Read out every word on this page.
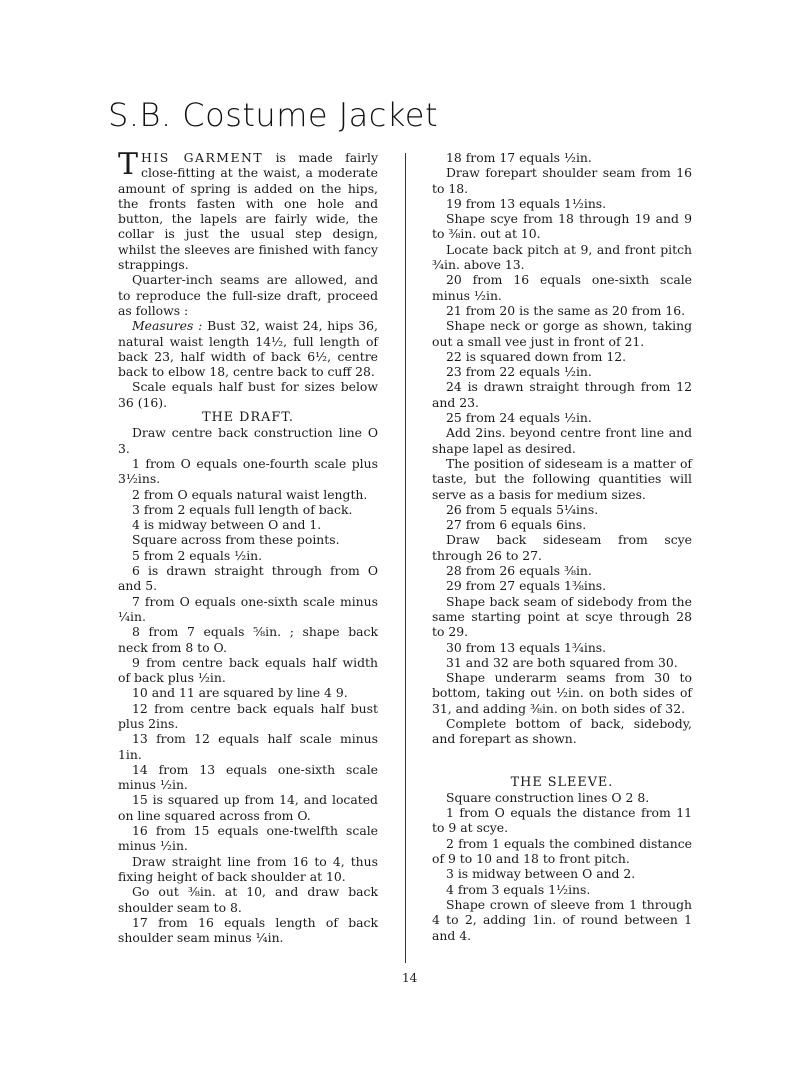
S.B. Costume Jacket

THIS GARMENT is made fairly close-fitting at the waist, a moderate amount of spring is added on the hips, the fronts fasten with one hole and button, the lapels are fairly wide, the collar is just the usual step design, whilst the sleeves are finished with fancy strappings.

Quarter-inch seams are allowed, and to reproduce the full-size draft, proceed as follows :

Measures : Bust 32, waist 24, hips 36, natural waist length 14½, full length of back 23, half width of back 6½, centre back to elbow 18, centre back to cuff 28.

Scale equals half bust for sizes below 36 (16).

THE DRAFT.

Draw centre back construction line O 3.

1 from O equals one-fourth scale plus 3½ins.

2 from O equals natural waist length.

3 from 2 equals full length of back.

4 is midway between O and 1.

Square across from these points.

5 from 2 equals ½in.

6 is drawn straight through from O and 5.

7 from O equals one-sixth scale minus ¼in.

8 from 7 equals ⅝in. ; shape back neck from 8 to O.

9 from centre back equals half width of back plus ½in.

10 and 11 are squared by line 4 9.

12 from centre back equals half bust plus 2ins.

13 from 12 equals half scale minus 1in.

14 from 13 equals one-sixth scale minus ½in.

15 is squared up from 14, and located on line squared across from O.

16 from 15 equals one-twelfth scale minus ½in.

Draw straight line from 16 to 4, thus fixing height of back shoulder at 10.

Go out ⅜in. at 10, and draw back shoulder seam to 8.

17 from 16 equals length of back shoulder seam minus ¼in.

18 from 17 equals ½in.

Draw forepart shoulder seam from 16 to 18.

19 from 13 equals 1½ins.

Shape scye from 18 through 19 and 9 to ⅜in. out at 10.

Locate back pitch at 9, and front pitch ¾in. above 13.

20 from 16 equals one-sixth scale minus ½in.

21 from 20 is the same as 20 from 16.

Shape neck or gorge as shown, taking out a small vee just in front of 21.

22 is squared down from 12.

23 from 22 equals ½in.

24 is drawn straight through from 12 and 23.

25 from 24 equals ½in.

Add 2ins. beyond centre front line and shape lapel as desired.

The position of sideseam is a matter of taste, but the following quantities will serve as a basis for medium sizes.

26 from 5 equals 5¼ins.

27 from 6 equals 6ins.

Draw back sideseam from scye through 26 to 27.

28 from 26 equals ⅜in.

29 from 27 equals 1⅜ins.

Shape back seam of sidebody from the same starting point at scye through 28 to 29.

30 from 13 equals 1¾ins.

31 and 32 are both squared from 30.

Shape underarm seams from 30 to bottom, taking out ½in. on both sides of 31, and adding ⅜in. on both sides of 32.

Complete bottom of back, sidebody, and forepart as shown.

THE SLEEVE.

Square construction lines O 2 8.

1 from O equals the distance from 11 to 9 at scye.

2 from 1 equals the combined distance of 9 to 10 and 18 to front pitch.

3 is midway between O and 2.

4 from 3 equals 1½ins.

Shape crown of sleeve from 1 through 4 to 2, adding 1in. of round between 1 and 4.

14
